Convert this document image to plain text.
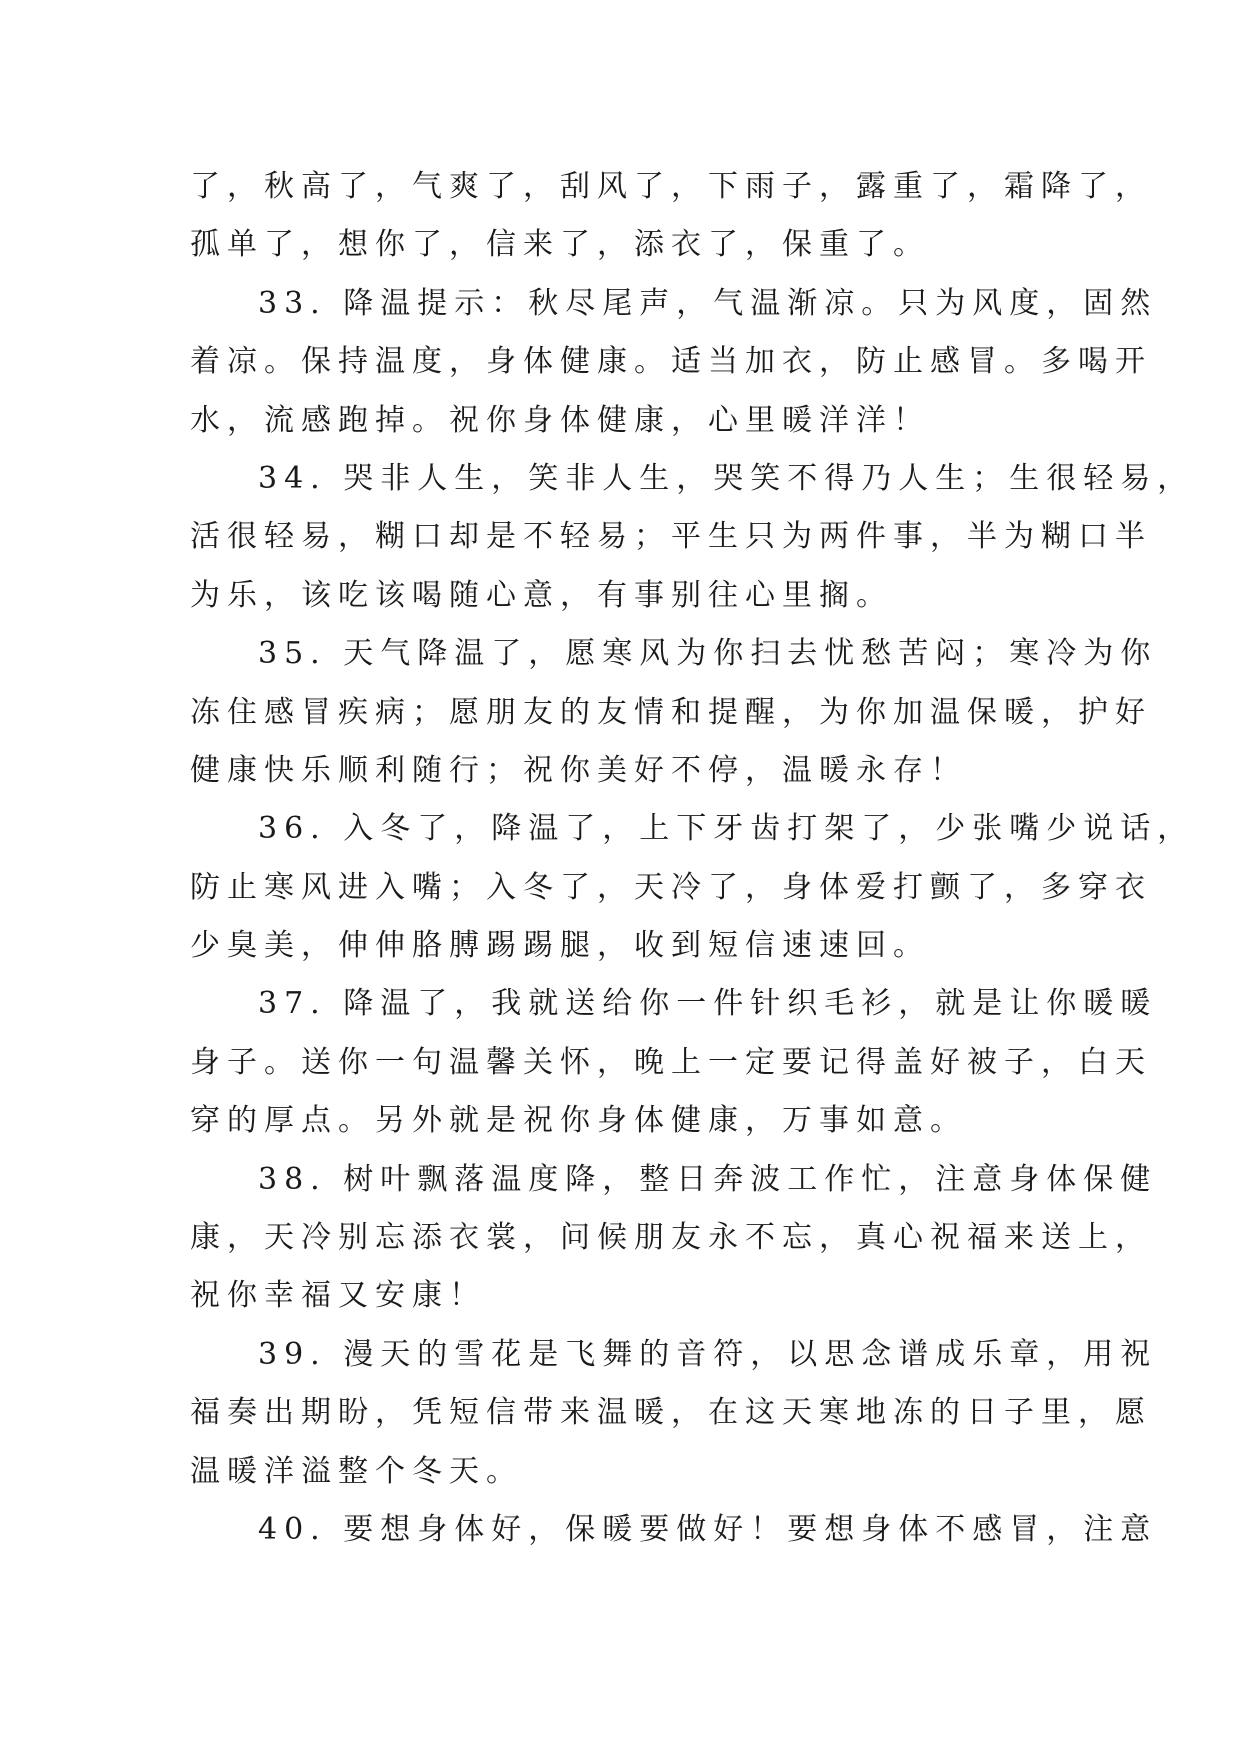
了，秋高了，气爽了，刮风了，下雨子，露重了，霜降了，
孤单了，想你了，信来了，添衣了，保重了。
33. 降温提示：秋尽尾声，气温渐凉。只为风度，固然
着凉。保持温度，身体健康。适当加衣，防止感冒。多喝开
水，流感跑掉。祝你身体健康，心里暖洋洋！
34. 哭非人生，笑非人生，哭笑不得乃人生；生很轻易，
活很轻易，糊口却是不轻易；平生只为两件事，半为糊口半
为乐，该吃该喝随心意，有事别往心里搁。
35. 天气降温了，愿寒风为你扫去忧愁苦闷；寒冷为你
冻住感冒疾病；愿朋友的友情和提醒，为你加温保暖，护好
健康快乐顺利随行；祝你美好不停，温暖永存！
36. 入冬了，降温了，上下牙齿打架了，少张嘴少说话，
防止寒风进入嘴；入冬了，天冷了，身体爱打颤了，多穿衣
少臭美，伸伸胳膊踢踢腿，收到短信速速回。
37. 降温了，我就送给你一件针织毛衫，就是让你暖暖
身子。送你一句温馨关怀，晚上一定要记得盖好被子，白天
穿的厚点。另外就是祝你身体健康，万事如意。
38. 树叶飘落温度降，整日奔波工作忙，注意身体保健
康，天冷别忘添衣裳，问候朋友永不忘，真心祝福来送上，
祝你幸福又安康！
39. 漫天的雪花是飞舞的音符，以思念谱成乐章，用祝
福奏出期盼，凭短信带来温暖，在这天寒地冻的日子里，愿
温暖洋溢整个冬天。
40. 要想身体好，保暖要做好！要想身体不感冒，注意
